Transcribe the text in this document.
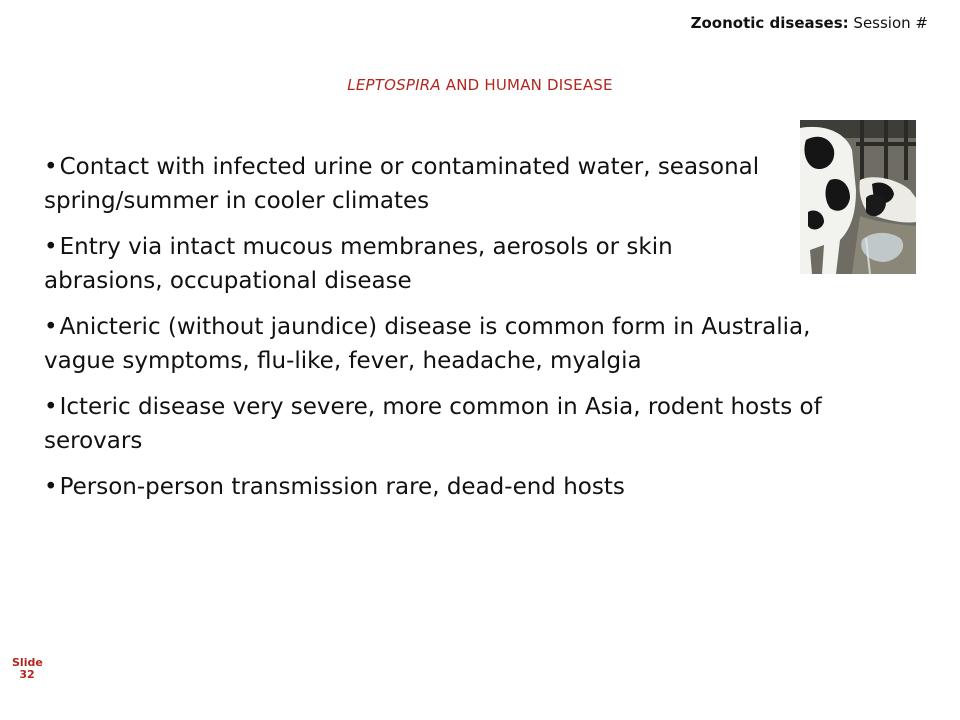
Zoonotic diseases: Session #
LEPTOSPIRA AND HUMAN DISEASE
•Contact with infected urine or contaminated water, seasonal spring/summer in cooler climates
•Entry via intact mucous membranes, aerosols or skin abrasions, occupational disease
•Anicteric (without jaundice) disease is common form in Australia, vague symptoms, flu-like, fever, headache, myalgia
•Icteric disease very severe, more common in Asia, rodent hosts of serovars
•Person-person transmission rare, dead-end hosts
Slide
32
